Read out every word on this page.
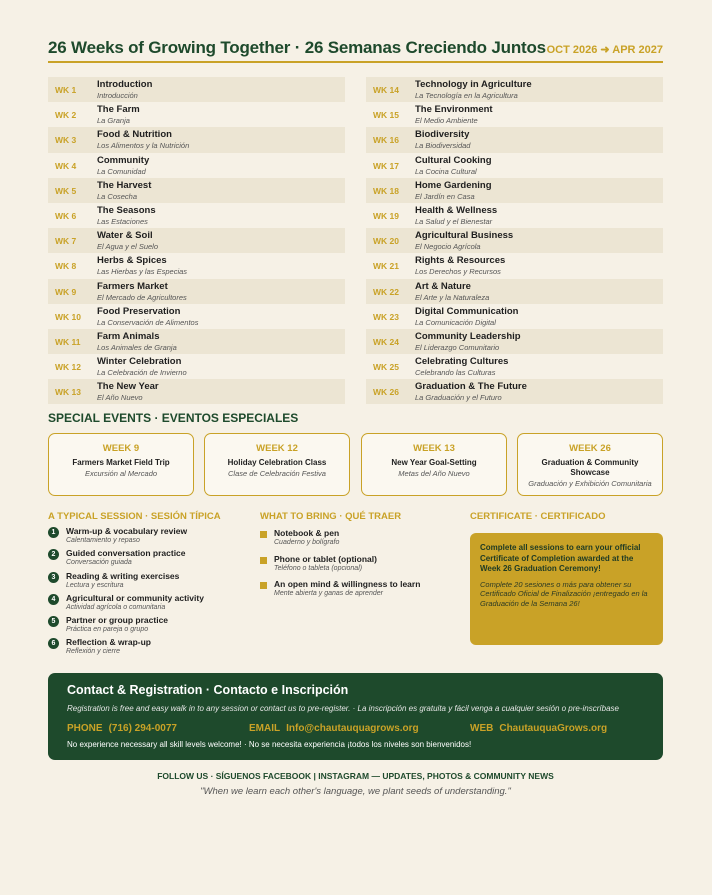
26 Weeks of Growing Together · 26 Semanas Creciendo Juntos OCT 2026 ➜ APR 2027
WK 1 Introduction
Introducción
WK 2 The Farm
La Granja
WK 3 Food & Nutrition
Los Alimentos y la Nutrición
WK 4 Community
La Comunidad
WK 5 The Harvest
La Cosecha
WK 6 The Seasons
Las Estaciones
WK 7 Water & Soil
El Agua y el Suelo
WK 8 Herbs & Spices
Las Hierbas y las Especias
WK 9 Farmers Market
El Mercado de Agricultores
WK 10 Food Preservation
La Conservación de Alimentos
WK 11 Farm Animals
Los Animales de Granja
WK 12 Winter Celebration
La Celebración de Invierno
WK 13 The New Year
El Año Nuevo
WK 14 Technology in Agriculture
La Tecnología en la Agricultura
WK 15 The Environment
El Medio Ambiente
WK 16 Biodiversity
La Biodiversidad
WK 17 Cultural Cooking
La Cocina Cultural
WK 18 Home Gardening
El Jardín en Casa
WK 19 Health & Wellness
La Salud y el Bienestar
WK 20 Agricultural Business
El Negocio Agrícola
WK 21 Rights & Resources
Los Derechos y Recursos
WK 22 Art & Nature
El Arte y la Naturaleza
WK 23 Digital Communication
La Comunicación Digital
WK 24 Community Leadership
El Liderazgo Comunitario
WK 25 Celebrating Cultures
Celebrando las Culturas
WK 26 Graduation & The Future
La Graduación y el Futuro
SPECIAL EVENTS · EVENTOS ESPECIALES
WEEK 9
Farmers Market Field Trip
Excursión al Mercado
WEEK 12
Holiday Celebration Class
Clase de Celebración Festiva
WEEK 13
New Year Goal-Setting
Metas del Año Nuevo
WEEK 26
Graduation & Community Showcase
Graduación y Exhibición Comunitaria
A TYPICAL SESSION · SESIÓN TÍPICA	WHAT TO BRING · QUÉ TRAER	CERTIFICATE · CERTIFICADO
1	Warm-up & vocabulary review
Calentamiento y repaso
2	Guided conversation practice
Conversación guiada
3	Reading & writing exercises
Lectura y escritura
4	Agricultural or community activity
Actividad agrícola o comunitaria
5	Partner or group practice
Práctica en pareja o grupo
6	Reflection & wrap-up
Reflexión y cierre
Notebook & pen
Cuaderno y bolígrafo
Phone or tablet (optional)
Teléfono o tableta (opcional)
An open mind & willingness to learn
Mente abierta y ganas de aprender
Complete all sessions to earn your official Certificate of Completion awarded at the Week 26 Graduation Ceremony!
Complete 20 sesiones o más para obtener su Certificado Oficial de Finalización ¡entregado en la Graduación de la Semana 26!
Contact & Registration · Contacto e Inscripción
Registration is free and easy walk in to any session or contact us to pre-register. · La inscripción es gratuita y fácil venga a cualquier sesión o pre-inscríbase
PHONE (716) 294-0077	EMAIL Info@chautauquagrows.org	WEB ChautauquaGrows.org
No experience necessary all skill levels welcome! · No se necesita experiencia ¡todos los niveles son bienvenidos!
FOLLOW US · SÍGUENOS FACEBOOK | INSTAGRAM — UPDATES, PHOTOS & COMMUNITY NEWS
"When we learn each other's language, we plant seeds of understanding."
